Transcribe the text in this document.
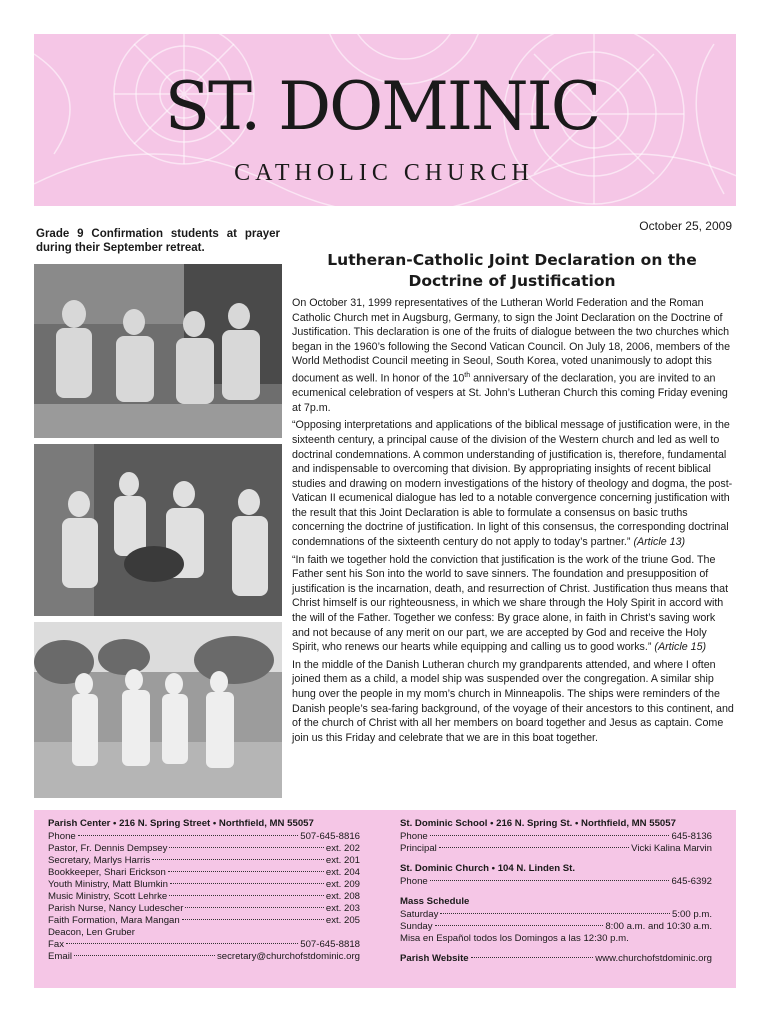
ST. DOMINIC
CATHOLIC CHURCH
Grade 9 Confirmation students at prayer during their September retreat.
October 25, 2009
Lutheran-Catholic Joint Declaration on the
Doctrine of Justification

On October 31, 1999 representatives of the Lutheran World Federation and the Roman Catholic Church met in Augsburg, Germany, to sign the Joint Declaration on the Doctrine of Justification. This declaration is one of the fruits of dialogue between the two churches which began in the 1960’s following the Second Vatican Council. On July 18, 2006, members of the World Methodist Council meeting in Seoul, South Korea, voted unanimously to adopt this document as well. In honor of the 10th anniversary of the declaration, you are invited to an ecumenical celebration of vespers at St. John’s Lutheran Church this coming Friday evening at 7p.m.

“Opposing interpretations and applications of the biblical message of justification were, in the sixteenth century, a principal cause of the division of the Western church and led as well to doctrinal condemnations. A common understanding of justification is, therefore, fundamental and indispensable to overcoming that division. By appropriating insights of recent biblical studies and drawing on modern investigations of the history of theology and dogma, the post-Vatican II ecumenical dialogue has led to a notable convergence concerning justification with the result that this Joint Declaration is able to formulate a consensus on basic truths concerning the doctrine of justification. In light of this consensus, the corresponding doctrinal condemnations of the sixteenth century do not apply to today’s partner.” (Article 13)

“In faith we together hold the conviction that justification is the work of the triune God. The Father sent his Son into the world to save sinners. The foundation and presupposition of justification is the incarnation, death, and resurrection of Christ. Justification thus means that Christ himself is our righteousness, in which we share through the Holy Spirit in accord with the will of the Father. Together we confess: By grace alone, in faith in Christ’s saving work and not because of any merit on our part, we are accepted by God and receive the Holy Spirit, who renews our hearts while equipping and calling us to good works.” (Article 15)

In the middle of the Danish Lutheran church my grandparents attended, and where I often joined them as a child, a model ship was suspended over the congregation. A similar ship hung over the people in my mom’s church in Minneapolis. The ships were reminders of the Danish people’s sea-faring background, of the voyage of their ancestors to this continent, and of the church of Christ with all her members on board together and Jesus as captain. Come join us this Friday and celebrate that we are in this boat together.

Parish Center • 216 N. Spring Street • Northfield, MN 55057
Phone	507-645-8816
Pastor, Fr. Dennis Dempsey	ext. 202
Secretary, Marlys Harris	ext. 201
Bookkeeper, Shari Erickson	ext. 204
Youth Ministry, Matt Blumkin	ext. 209
Music Ministry, Scott Lehrke	ext. 208
Parish Nurse, Nancy Ludescher	ext. 203
Faith Formation, Mara Mangan	ext. 205
Deacon, Len Gruber
Fax	507-645-8818
Email	secretary@churchofstdominic.org
St. Dominic School • 216 N. Spring St. • Northfield, MN 55057
Phone	645-8136
Principal	Vicki Kalina Marvin
St. Dominic Church • 104 N. Linden St.
Phone	645-6392
Mass Schedule
Saturday	5:00 p.m.
Sunday	8:00 a.m. and 10:30 a.m.
Misa en Español todos los Domingos a las 12:30 p.m.
Parish Website	www.churchofstdominic.org
